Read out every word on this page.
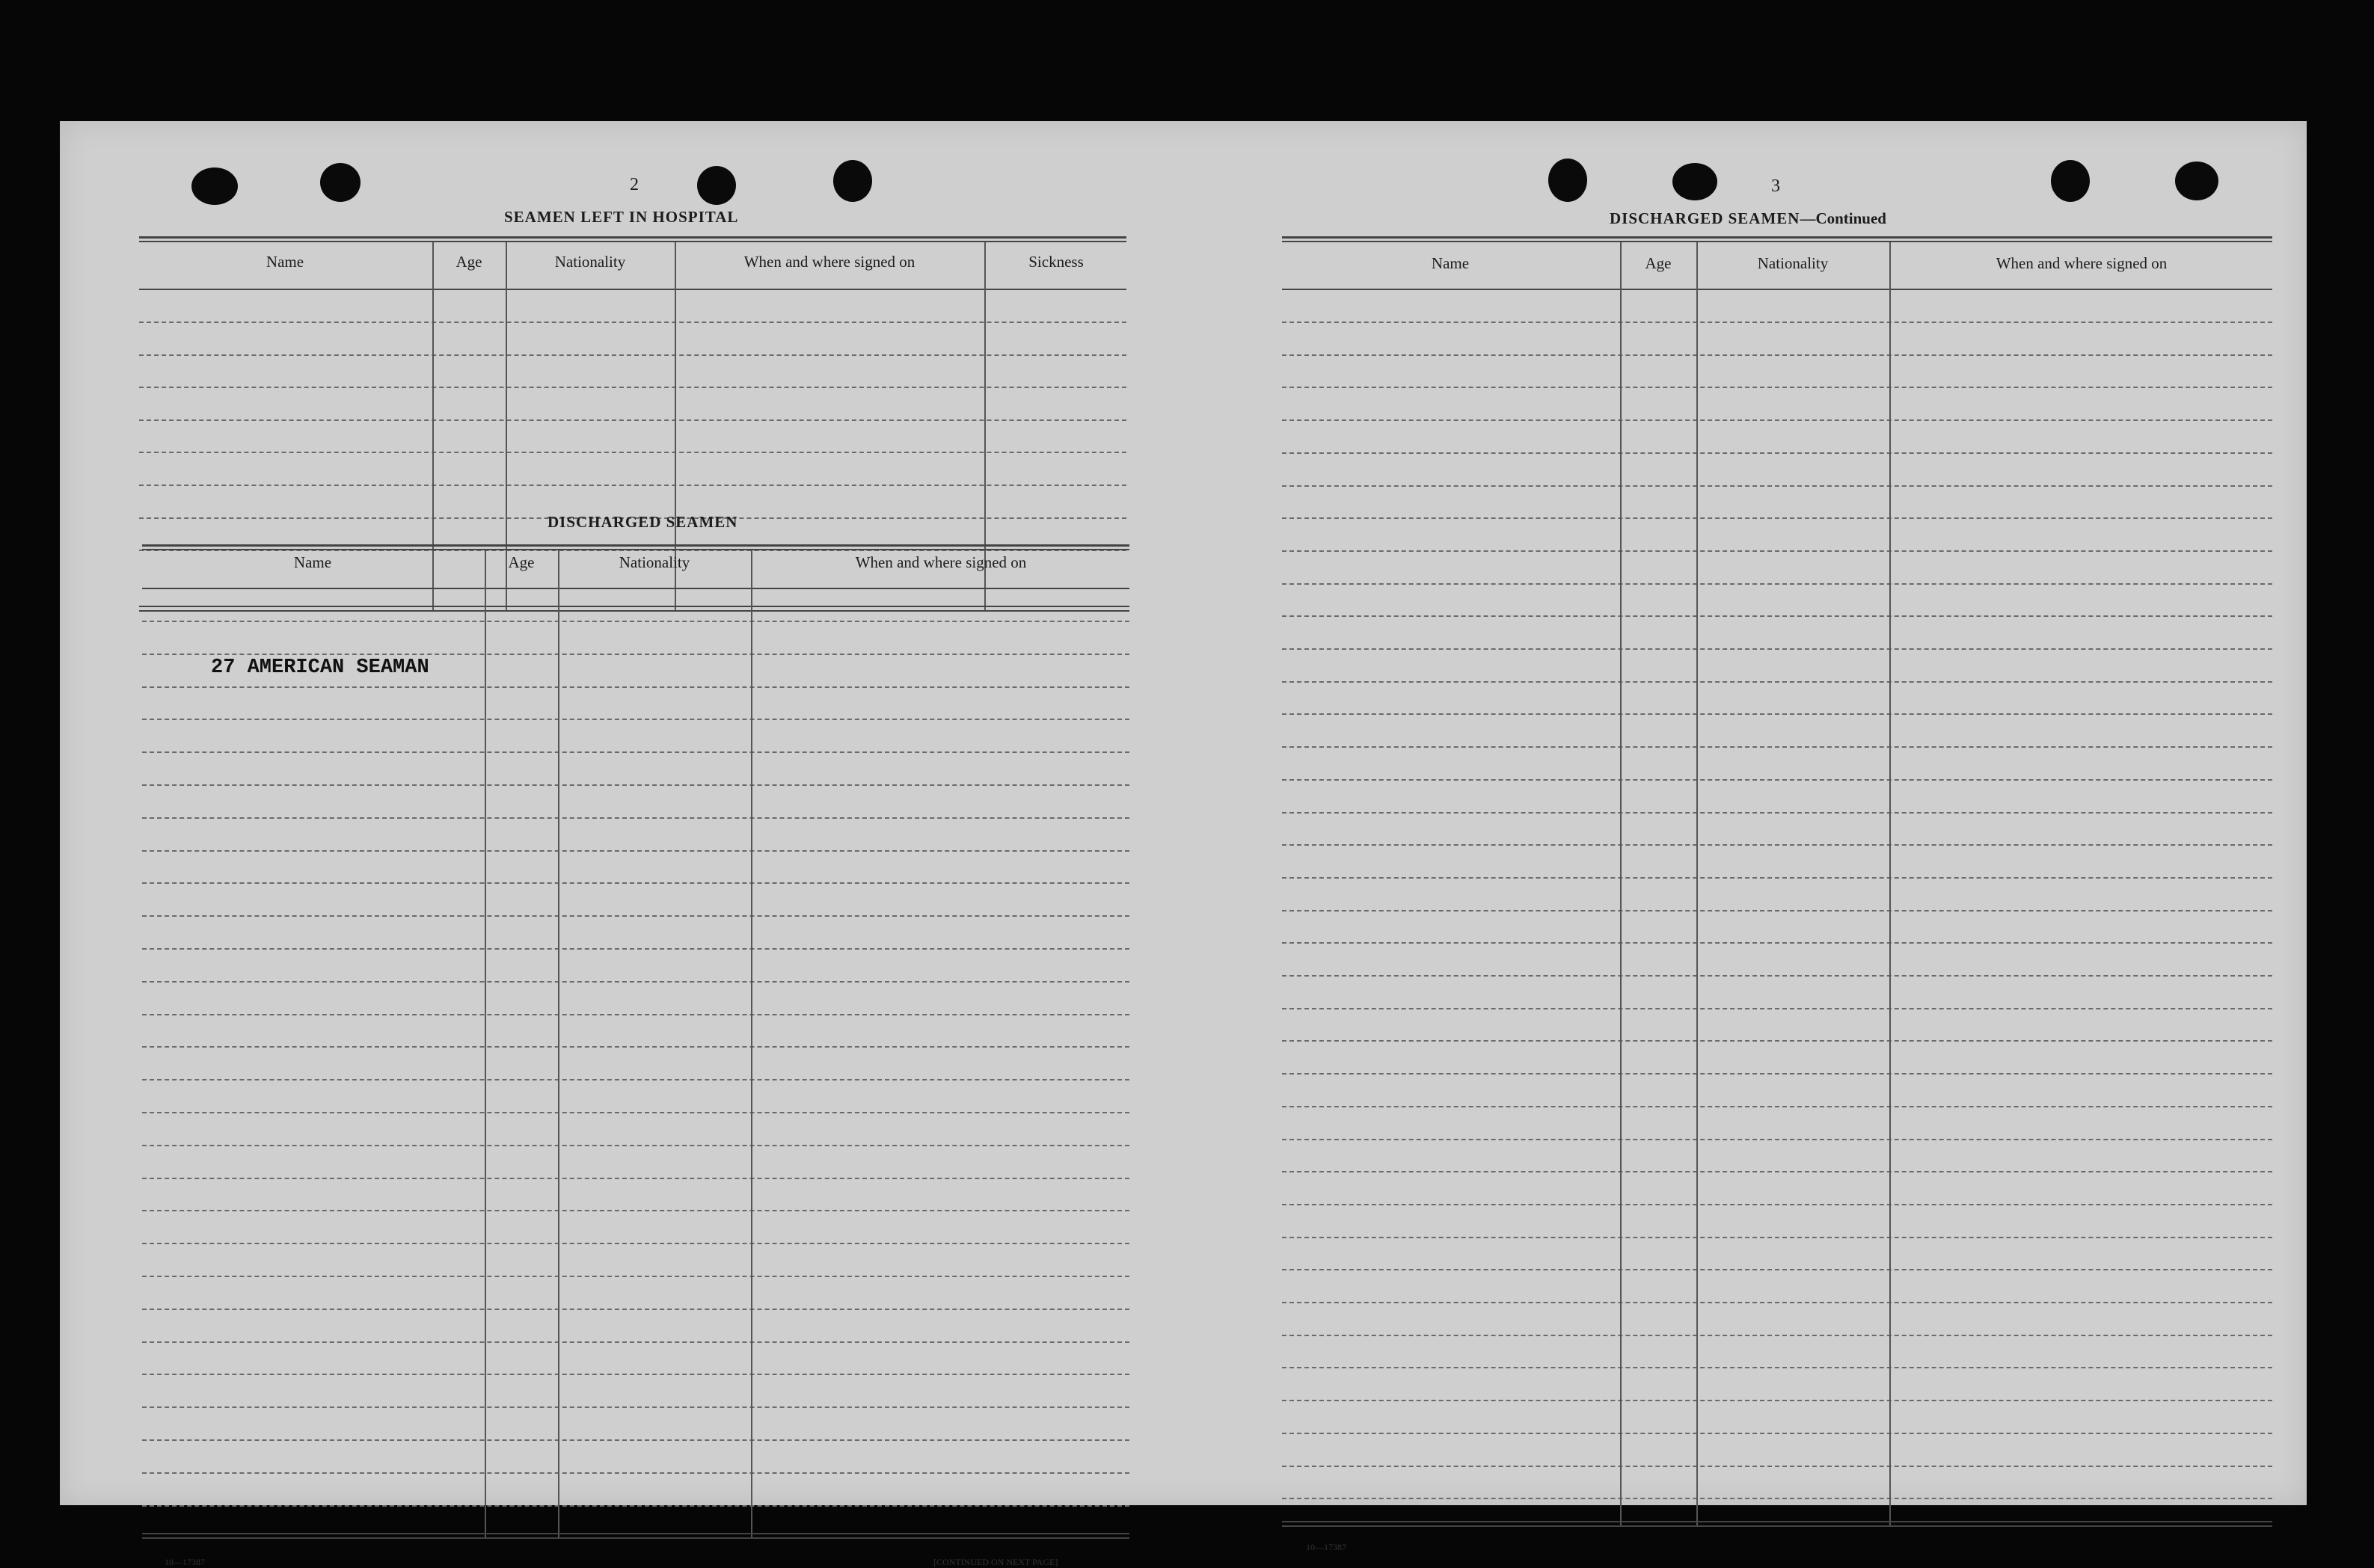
2
SEAMEN LEFT IN HOSPITAL
Name	Age	Nationality	When and where signed on	Sickness
DISCHARGED SEAMEN
Name	Age	Nationality	When and where signed on
27 AMERICAN SEAMAN
10—17387	[CONTINUED ON NEXT PAGE]
3
DISCHARGED SEAMEN—Continued
Name	Age	Nationality	When and where signed on
10—17387
